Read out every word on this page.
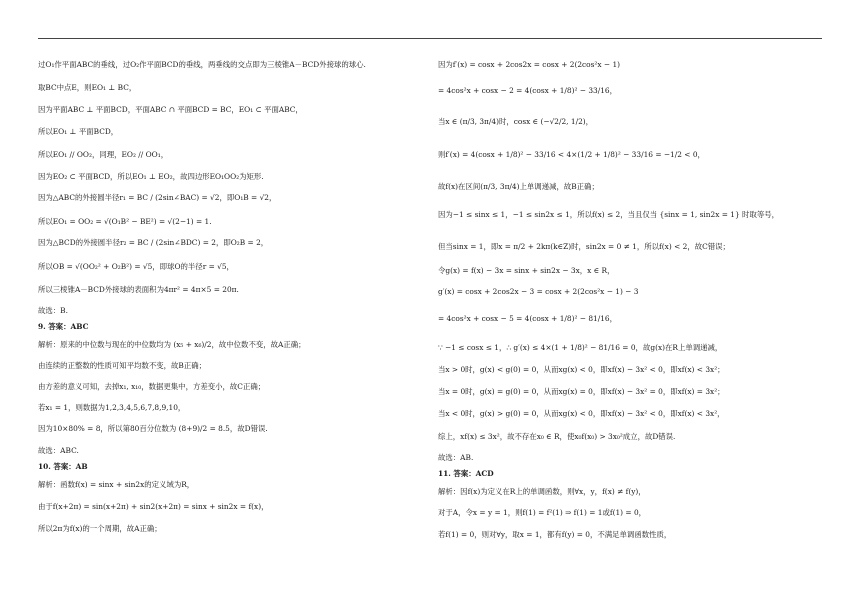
过O₁作平面ABC的垂线，过O₂作平面BCD的垂线，两垂线的交点即为三棱锥A－BCD外接球的球心.
取BC中点E，则EO₁ ⊥ BC，
因为平面ABC ⊥ 平面BCD，平面ABC ∩ 平面BCD = BC，EO₁ ⊂ 平面ABC，
所以EO₁ ⊥ 平面BCD，
所以EO₁ // OO₂，同理，EO₂ // OO₁，
因为EO₂ ⊂ 平面BCD，所以EO₁ ⊥ EO₂，故四边形EO₁OO₂为矩形.
因为△ABC的外接圆半径r₁ = BC / (2sin∠BAC) = √2，即O₁B = √2，
所以EO₁ = OO₂ = √(O₁B² − BE²) = √(2−1) = 1.
因为△BCD的外接圆半径r₂ = BC / (2sin∠BDC) = 2，即O₂B = 2，
所以OB = √(OO₂² + O₂B²) = √5，即球O的半径r = √5，
所以三棱锥A－BCD外接球的表面积为4πr² = 4π×5 = 20π.
故选：B.
9. 答案：ABC
解析：原来的中位数与现在的中位数均为 (x₅ + x₆)/2，故中位数不变，故A正确；
由连续的正整数的性质可知平均数不变，故B正确；
由方差的意义可知，去掉x₁, x₁₀，数据更集中，方差变小，故C正确；
若x₁ = 1，则数据为1,2,3,4,5,6,7,8,9,10，
因为10×80% = 8，所以第80百分位数为 (8+9)/2 = 8.5，故D错误.
故选：ABC.
10. 答案：AB
解析：函数f(x) = sinx + sin2x的定义域为R，
由于f(x+2π) = sin(x+2π) + sin2(x+2π) = sinx + sin2x = f(x)，
所以2π为f(x)的一个周期，故A正确；
因为f′(x) = cosx + 2cos2x = cosx + 2(2cos²x − 1)
= 4cos²x + cosx − 2 = 4(cosx + 1/8)² − 33/16，
当x ∈ (π/3, 3π/4)时，cosx ∈ (−√2/2, 1/2)，
则f′(x) = 4(cosx + 1/8)² − 33/16 < 4×(1/2 + 1/8)² − 33/16 = −1/2 < 0，
故f(x)在区间(π/3, 3π/4)上单调递减，故B正确；
因为−1 ≤ sinx ≤ 1，−1 ≤ sin2x ≤ 1，所以f(x) ≤ 2，当且仅当 {sinx = 1, sin2x = 1} 时取等号，
但当sinx = 1，即x = π/2 + 2kπ(k∈Z)时，sin2x = 0 ≠ 1，所以f(x) < 2，故C错误；
令g(x) = f(x) − 3x = sinx + sin2x − 3x，x ∈ R，
g′(x) = cosx + 2cos2x − 3 = cosx + 2(2cos²x − 1) − 3
= 4cos²x + cosx − 5 = 4(cosx + 1/8)² − 81/16，
∵ −1 ≤ cosx ≤ 1，∴ g′(x) ≤ 4×(1 + 1/8)² − 81/16 = 0，故g(x)在R上单调递减，
当x > 0时，g(x) < g(0) = 0，从而xg(x) < 0，即xf(x) − 3x² < 0，即xf(x) < 3x²；
当x = 0时，g(x) = g(0) = 0，从而xg(x) = 0，即xf(x) − 3x² = 0，即xf(x) = 3x²；
当x < 0时，g(x) > g(0) = 0，从而xg(x) < 0，即xf(x) − 3x² < 0，即xf(x) < 3x²，
综上，xf(x) ≤ 3x²，故不存在x₀ ∈ R，使x₀f(x₀) > 3x₀²成立，故D错误.
故选：AB.
11. 答案：ACD
解析：因f(x)为定义在R上的单调函数，则∀x，y，f(x) ≠ f(y)，
对于A，令x = y = 1，则f(1) = f²(1) ⇒ f(1) = 1或f(1) = 0，
若f(1) = 0，则对∀y，取x = 1，都有f(y) = 0，不满足单调函数性质，
